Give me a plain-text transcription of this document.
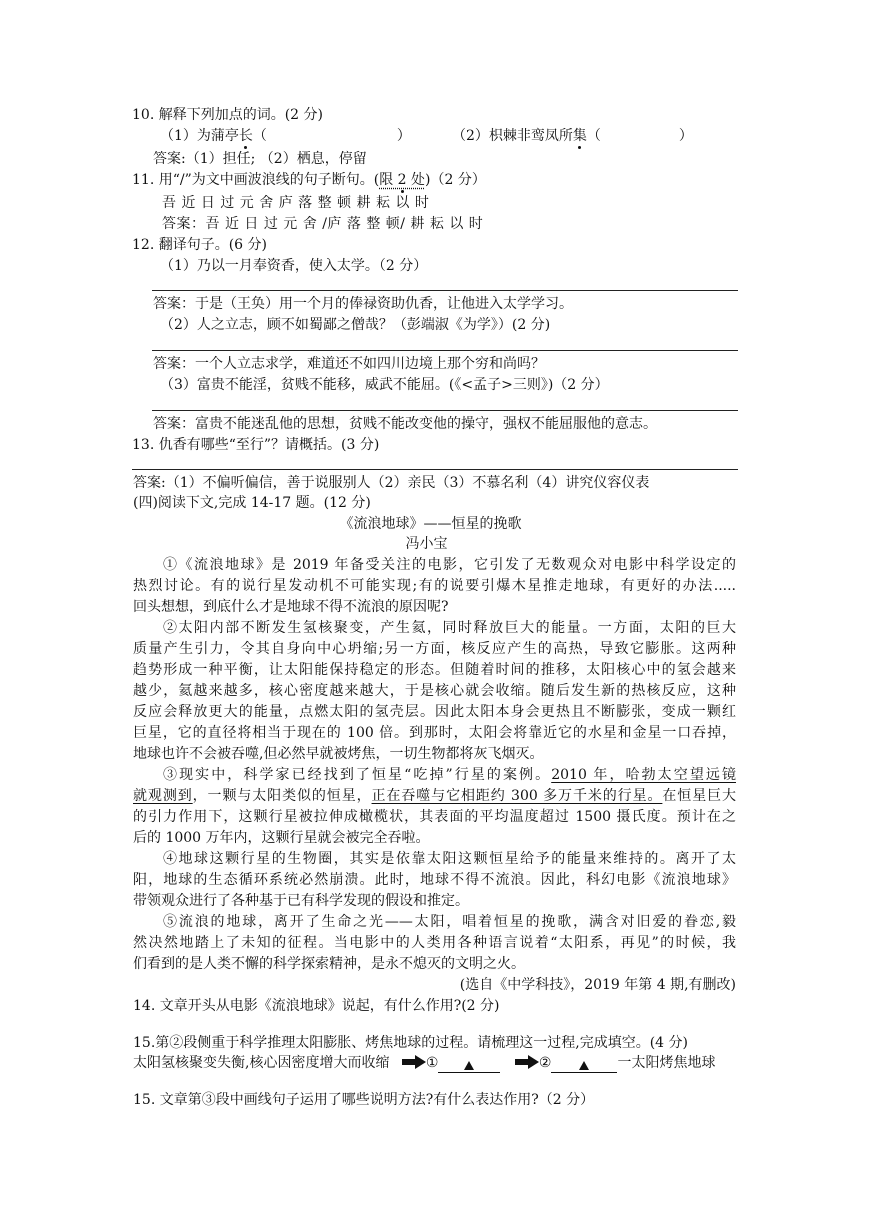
10. 解释下列加点的词。(2 分)
（1）为蒲亭长（	）	（2）枳棘非鸾凤所集（	）
答案:（1）担任; （2）栖息，停留
11. 用“/”为文中画波浪线的句子断句。(限 2 处)（2 分）
吾 近 日 过 元 舍 庐 落 整 顿 耕 耘 以 时
答案：吾 近 日 过 元 舍 /庐 落 整 顿/ 耕 耘 以 时
12. 翻译句子。(6 分)
（1）乃以一月奉资香，使入太学。（2 分）
答案：于是（王奂）用一个月的俸禄资助仇香，让他进入太学学习。
（2）人之立志，顾不如蜀鄙之僧哉？（彭端淑《为学》）(2 分)
答案：一个人立志求学，难道还不如四川边境上那个穷和尚吗？
（3）富贵不能淫，贫贱不能移，威武不能屈。(《<孟子>三则》)（2 分）
答案：富贵不能迷乱他的思想，贫贱不能改变他的操守，强权不能屈服他的意志。
13. 仇香有哪些“至行”？请概括。(3 分)
答案:（1）不偏听偏信，善于说服别人（2）亲民（3）不慕名利（4）讲究仪容仪表
(四)阅读下文,完成 14-17 题。(12 分)
《流浪地球》——恒星的挽歌
冯小宝
①《流浪地球》是 2019 年备受关注的电影，它引发了无数观众对电影中科学设定的
热烈讨论。有的说行星发动机不可能实现;有的说要引爆木星推走地球，有更好的办法.....
回头想想，到底什么才是地球不得不流浪的原因呢?
②太阳内部不断发生氢核聚变，产生氦，同时释放巨大的能量。一方面，太阳的巨大
质量产生引力，令其自身向中心坍缩;另一方面，核反应产生的高热，导致它膨胀。这两种
趋势形成一种平衡，让太阳能保持稳定的形态。但随着时间的推移，太阳核心中的氢会越来
越少，氦越来越多，核心密度越来越大，于是核心就会收缩。随后发生新的热核反应，这种
反应会释放更大的能量，点燃太阳的氢壳层。因此太阳本身会更热且不断膨张，变成一颗红
巨星，它的直径将相当于现在的 100 倍。到那时，太阳会将靠近它的水星和金星一口吞掉，
地球也许不会被吞噬,但必然早就被烤焦，一切生物都将灰飞烟灭。
③现实中，科学家已经找到了恒星“吃掉”行星的案例。2010 年，哈勃太空望远镜
就观测到，一颗与太阳类似的恒星，正在吞噬与它相距约 300 多万千米的行星。在恒星巨大
的引力作用下，这颗行星被拉伸成橄榄状，其表面的平均温度超过 1500 摄氏度。预计在之
后的 1000 万年内，这颗行星就会被完全吞啦。
④地球这颗行星的生物圈，其实是依靠太阳这颗恒星给予的能量来维持的。离开了太
阳，地球的生态循环系统必然崩溃。此时，地球不得不流浪。因此，科幻电影《流浪地球》
带领观众进行了各种基于已有科学发现的假设和推定。
⑤流浪的地球，离开了生命之光——太阳，唱着恒星的挽歌，满含对旧爱的眷恋,毅
然决然地踏上了未知的征程。当电影中的人类用各种语言说着“太阳系，再见”的时候，我
们看到的是人类不懈的科学探索精神，是永不熄灭的文明之火。
(选自《中学科技》，2019 年第 4 期,有删改)
14. 文章开头从电影《流浪地球》说起，有什么作用?(2 分)
15.第②段侧重于科学推理太阳膨胀、烤焦地球的过程。请梳理这一过程,完成填空。(4 分)
太阳氢核聚变失衡,核心因密度增大而收缩	①	②	一太阳烤焦地球
15. 文章第③段中画线句子运用了哪些说明方法?有什么表达作用?（2 分）
